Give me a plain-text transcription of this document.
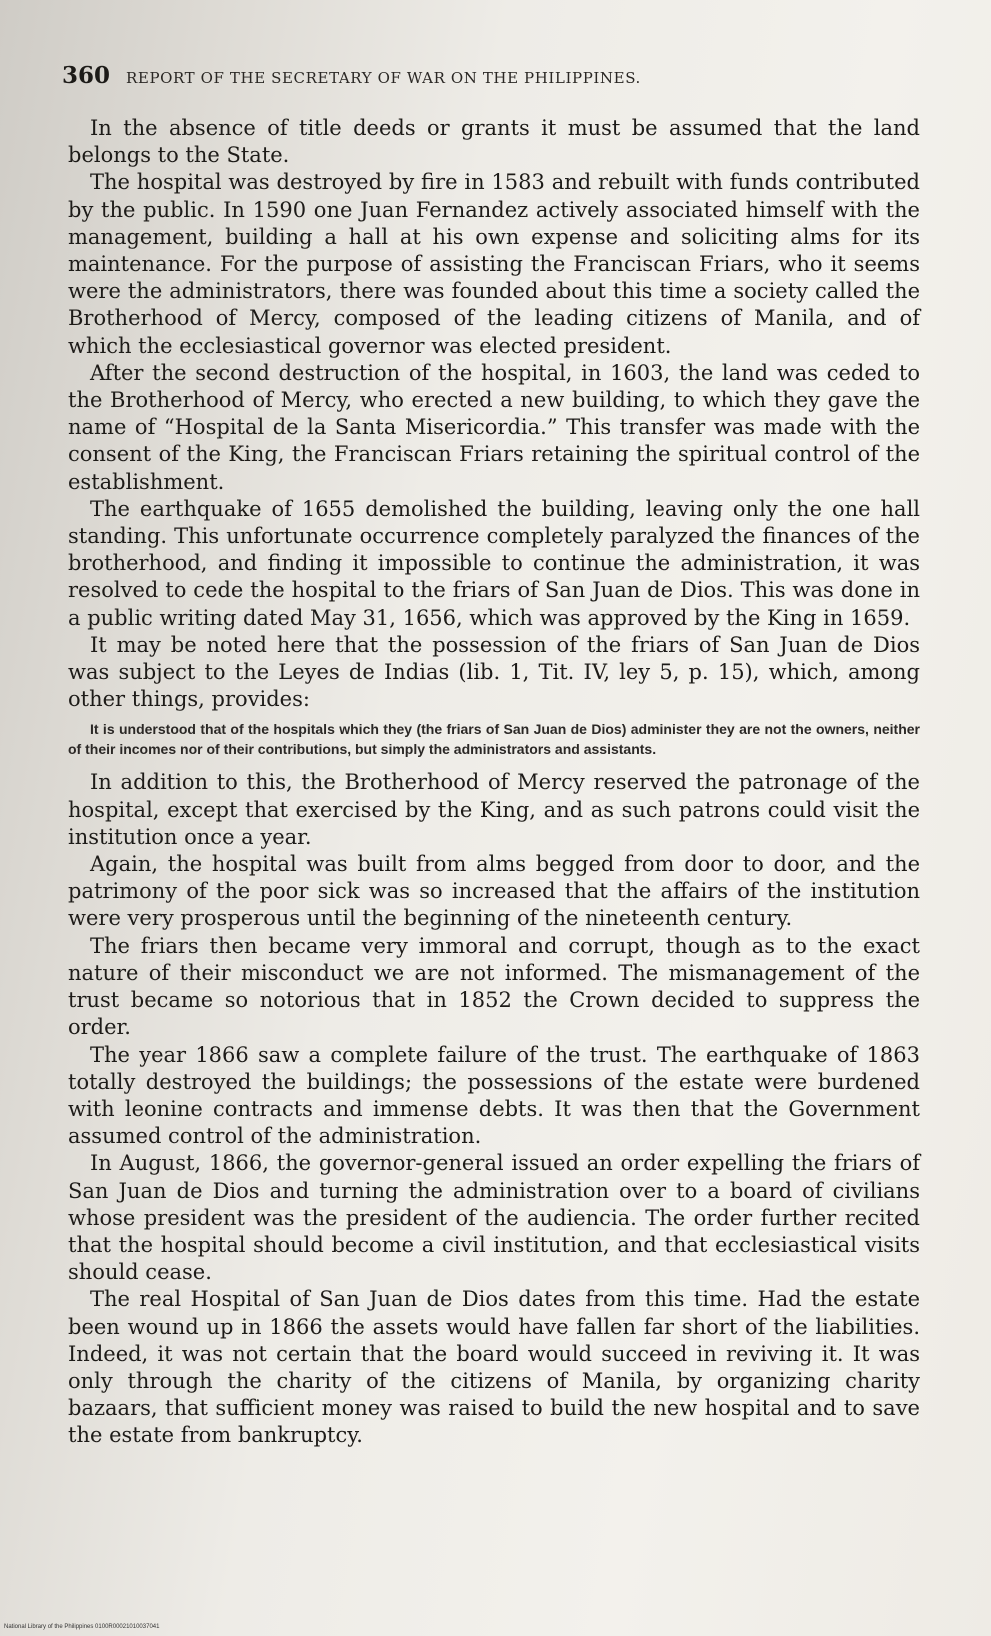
360 REPORT OF THE SECRETARY OF WAR ON THE PHILIPPINES.

In the absence of title deeds or grants it must be assumed that the land belongs to the State.

The hospital was destroyed by fire in 1583 and rebuilt with funds contributed by the public. In 1590 one Juan Fernandez actively associated himself with the management, building a hall at his own expense and soliciting alms for its maintenance. For the purpose of assisting the Franciscan Friars, who it seems were the administrators, there was founded about this time a society called the Brotherhood of Mercy, composed of the leading citizens of Manila, and of which the ecclesiastical governor was elected president.

After the second destruction of the hospital, in 1603, the land was ceded to the Brotherhood of Mercy, who erected a new building, to which they gave the name of “Hospital de la Santa Misericordia.” This transfer was made with the consent of the King, the Franciscan Friars retaining the spiritual control of the establishment.

The earthquake of 1655 demolished the building, leaving only the one hall standing. This unfortunate occurrence completely paralyzed the finances of the brotherhood, and finding it impossible to continue the administration, it was resolved to cede the hospital to the friars of San Juan de Dios. This was done in a public writing dated May 31, 1656, which was approved by the King in 1659.

It may be noted here that the possession of the friars of San Juan de Dios was subject to the Leyes de Indias (lib. 1, Tit. IV, ley 5, p. 15), which, among other things, provides:

It is understood that of the hospitals which they (the friars of San Juan de Dios) administer they are not the owners, neither of their incomes nor of their contributions, but simply the administrators and assistants.

In addition to this, the Brotherhood of Mercy reserved the patronage of the hospital, except that exercised by the King, and as such patrons could visit the institution once a year.

Again, the hospital was built from alms begged from door to door, and the patrimony of the poor sick was so increased that the affairs of the institution were very prosperous until the beginning of the nineteenth century.

The friars then became very immoral and corrupt, though as to the exact nature of their misconduct we are not informed. The mismanagement of the trust became so notorious that in 1852 the Crown decided to suppress the order.

The year 1866 saw a complete failure of the trust. The earthquake of 1863 totally destroyed the buildings; the possessions of the estate were burdened with leonine contracts and immense debts. It was then that the Government assumed control of the administration.

In August, 1866, the governor-general issued an order expelling the friars of San Juan de Dios and turning the administration over to a board of civilians whose president was the president of the audiencia. The order further recited that the hospital should become a civil institution, and that ecclesiastical visits should cease.

The real Hospital of San Juan de Dios dates from this time. Had the estate been wound up in 1866 the assets would have fallen far short of the liabilities. Indeed, it was not certain that the board would succeed in reviving it. It was only through the charity of the citizens of Manila, by organizing charity bazaars, that sufficient money was raised to build the new hospital and to save the estate from bankruptcy.

National Library of the Philippines 0100R00021010037041
